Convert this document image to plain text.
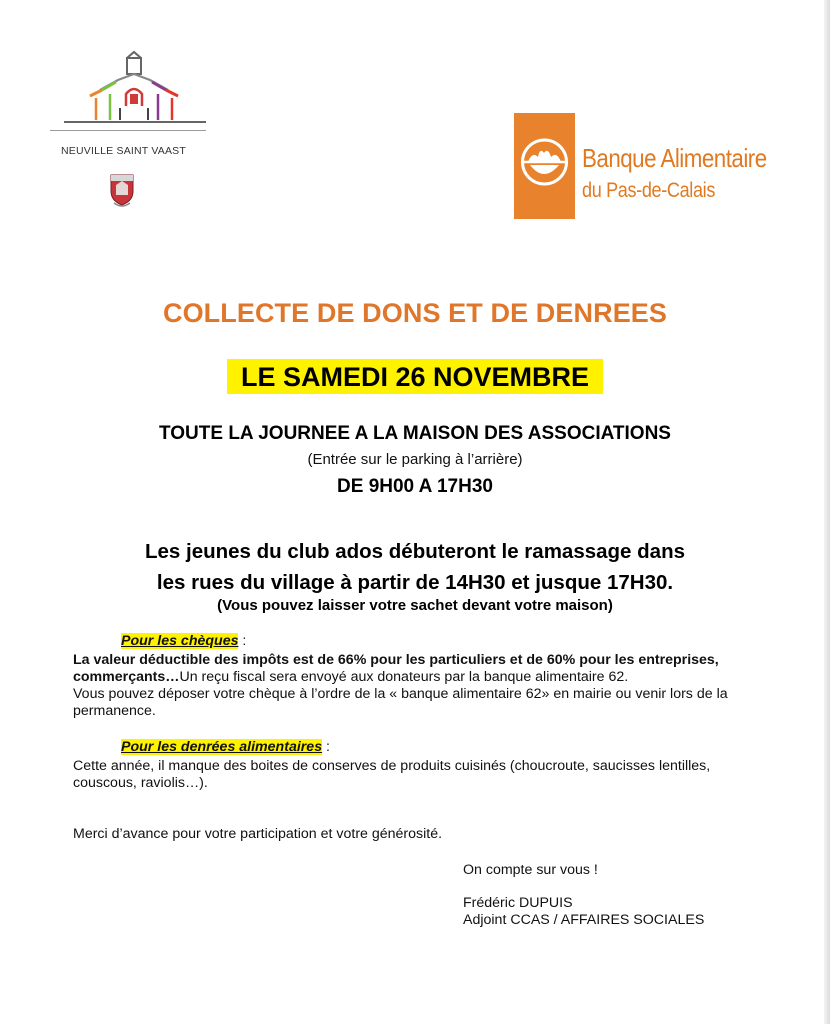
NEUVILLE SAINT VAAST	Banque Alimentaire
du Pas-de-Calais
COLLECTE DE DONS ET DE DENREES
LE SAMEDI 26 NOVEMBRE
TOUTE LA JOURNEE A LA MAISON DES ASSOCIATIONS
(Entrée sur le parking à l’arrière)
DE 9H00 A 17H30
Les jeunes du club ados débuteront le ramassage dans
les rues du village à partir de 14H30 et jusque 17H30.
(Vous pouvez laisser votre sachet devant votre maison)
Pour les chèques :
La valeur déductible des impôts est de 66% pour les particuliers et de 60% pour les entreprises, commerçants…Un reçu fiscal sera envoyé aux donateurs par la banque alimentaire 62.
Vous pouvez déposer votre chèque à l’ordre de la « banque alimentaire 62» en mairie ou venir lors de la permanence.
Pour les denrées alimentaires :
Cette année, il manque des boites de conserves de produits cuisinés (choucroute, saucisses lentilles, couscous, raviolis…).
Merci d’avance pour votre participation et votre générosité.
On compte sur vous !
Frédéric DUPUIS
Adjoint CCAS / AFFAIRES SOCIALES
